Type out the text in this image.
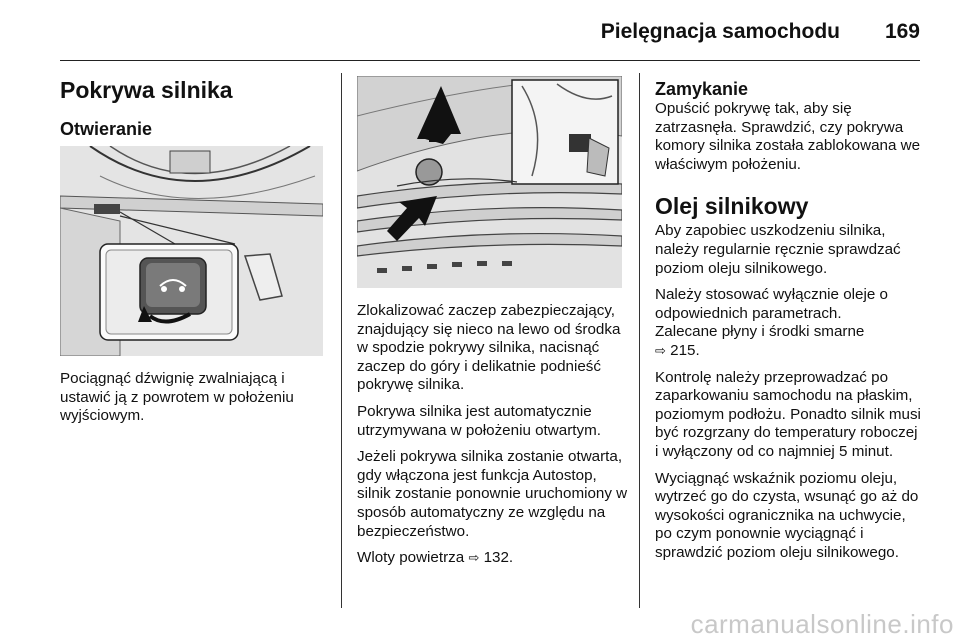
Pielęgnacja samochodu 169
Pokrywa silnika
Otwieranie

Pociągnąć dźwignię zwalniającą i ustawić ją z powrotem w położeniu wyjściowym.

Zlokalizować zaczep zabezpieczający, znajdujący się nieco na lewo od środka w spodzie pokrywy silnika, nacisnąć zaczep do góry i delikatnie podnieść pokrywę silnika.

Pokrywa silnika jest automatycznie utrzymywana w położeniu otwartym.

Jeżeli pokrywa silnika zostanie otwarta, gdy włączona jest funkcja Autostop, silnik zostanie ponownie uruchomiony w sposób automatyczny ze względu na bezpieczeństwo.

Wloty powietrza ⇨ 132.

Zamykanie

Opuścić pokrywę tak, aby się zatrzasnęła. Sprawdzić, czy pokrywa komory silnika została zablokowana we właściwym położeniu.

Olej silnikowy

Aby zapobiec uszkodzeniu silnika, należy regularnie ręcznie sprawdzać poziom oleju silnikowego.

Należy stosować wyłącznie oleje o odpowiednich parametrach.

Zalecane płyny i środki smarne
⇨ 215.

Kontrolę należy przeprowadzać po zaparkowaniu samochodu na płaskim, poziomym podłożu. Ponadto silnik musi być rozgrzany do temperatury roboczej i wyłączony od co najmniej 5 minut.

Wyciągnąć wskaźnik poziomu oleju, wytrzeć go do czysta, wsunąć go aż do wysokości ogranicznika na uchwycie, po czym ponownie wyciągnąć i sprawdzić poziom oleju silnikowego.

carmanualsonline.info
